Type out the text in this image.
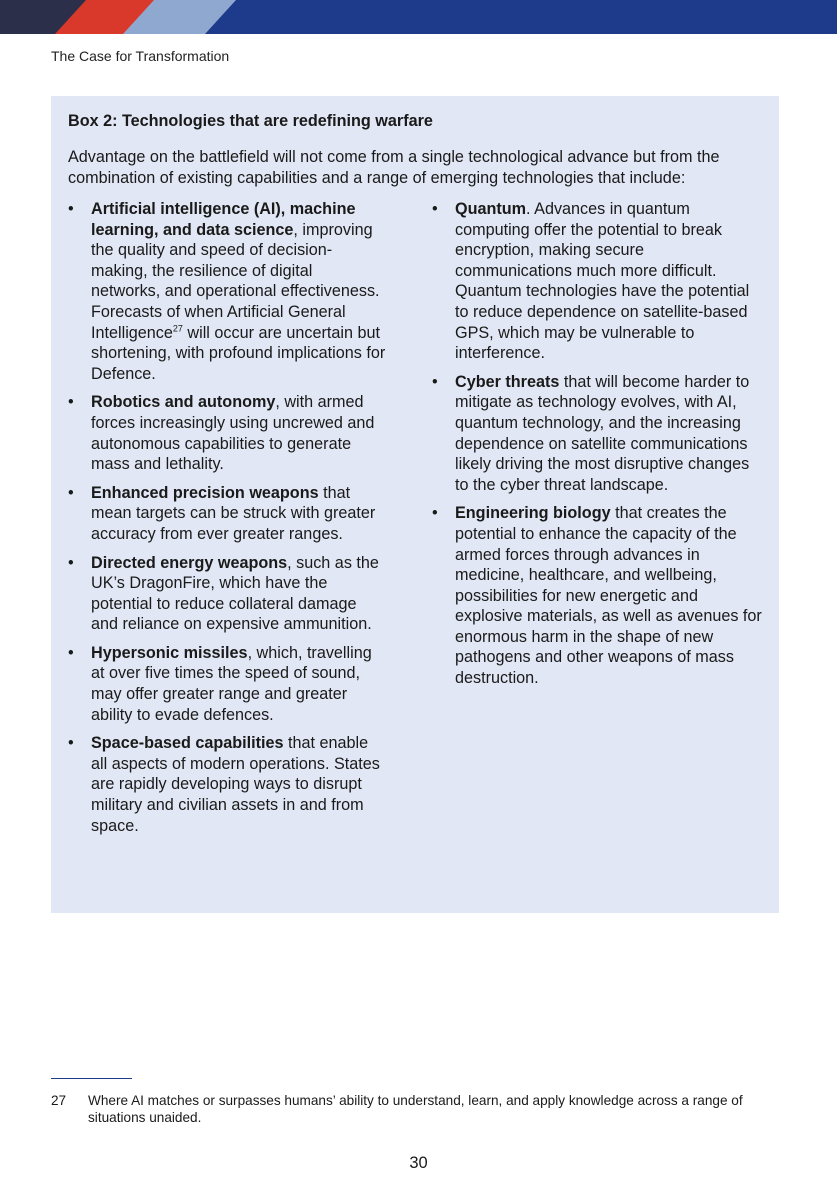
The Case for Transformation
Box 2: Technologies that are redefining warfare
Advantage on the battlefield will not come from a single technological advance but from the combination of existing capabilities and a range of emerging technologies that include:
• Artificial intelligence (AI), machine learning, and data science, improving the quality and speed of decision-making, the resilience of digital networks, and operational effectiveness. Forecasts of when Artificial General Intelligence$^{27}$ will occur are uncertain but shortening, with profound implications for Defence.
• Robotics and autonomy, with armed forces increasingly using uncrewed and autonomous capabilities to generate mass and lethality.
• Enhanced precision weapons that mean targets can be struck with greater accuracy from ever greater ranges.
• Directed energy weapons, such as the UK’s DragonFire, which have the potential to reduce collateral damage and reliance on expensive ammunition.
• Hypersonic missiles, which, travelling at over five times the speed of sound, may offer greater range and greater ability to evade defences.
• Space-based capabilities that enable all aspects of modern operations. States are rapidly developing ways to disrupt military and civilian assets in and from space.
• Quantum. Advances in quantum computing offer the potential to break encryption, making secure communications much more difficult. Quantum technologies have the potential to reduce dependence on satellite-based GPS, which may be vulnerable to interference.
• Cyber threats that will become harder to mitigate as technology evolves, with AI, quantum technology, and the increasing dependence on satellite communications likely driving the most disruptive changes to the cyber threat landscape.
• Engineering biology that creates the potential to enhance the capacity of the armed forces through advances in medicine, healthcare, and wellbeing, possibilities for new energetic and explosive materials, as well as avenues for enormous harm in the shape of new pathogens and other weapons of mass destruction.
27 Where AI matches or surpasses humans’ ability to understand, learn, and apply knowledge across a range of situations unaided.
30
